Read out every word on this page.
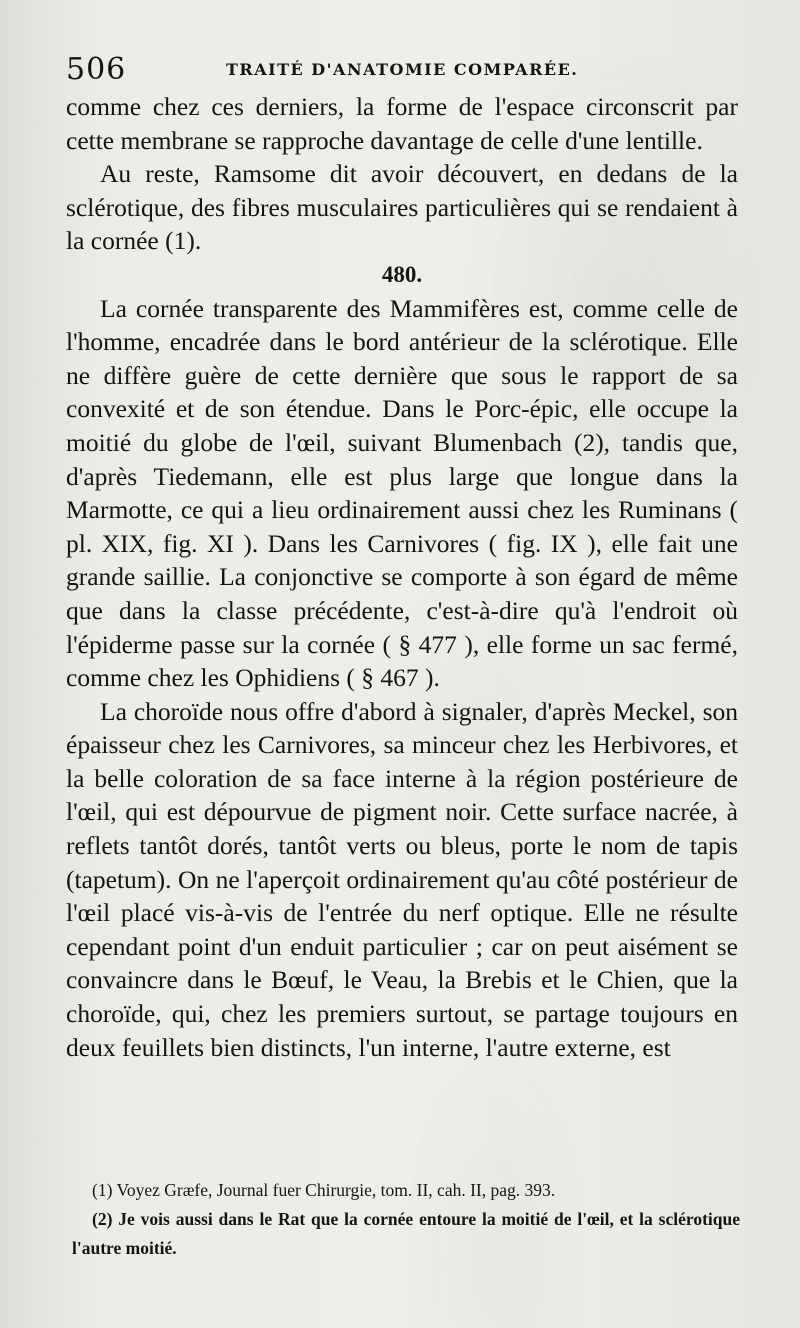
506	TRAITÉ D'ANATOMIE COMPARÉE.

comme chez ces derniers, la forme de l'espace circonscrit par cette membrane se rapproche davantage de celle d'une lentille.

Au reste, Ramsome dit avoir découvert, en dedans de la sclérotique, des fibres musculaires particulières qui se rendaient à la cornée (1).

480.

La cornée transparente des Mammifères est, comme celle de l'homme, encadrée dans le bord antérieur de la sclérotique. Elle ne diffère guère de cette dernière que sous le rapport de sa convexité et de son étendue. Dans le Porc-épic, elle occupe la moitié du globe de l'œil, suivant Blumenbach (2), tandis que, d'après Tiedemann, elle est plus large que longue dans la Marmotte, ce qui a lieu ordinairement aussi chez les Ruminans ( pl. XIX, fig. XI ). Dans les Carnivores ( fig. IX ), elle fait une grande saillie. La conjonctive se comporte à son égard de même que dans la classe précédente, c'est-à-dire qu'à l'endroit où l'épiderme passe sur la cornée ( § 477 ), elle forme un sac fermé, comme chez les Ophidiens ( § 467 ).

La choroïde nous offre d'abord à signaler, d'après Meckel, son épaisseur chez les Carnivores, sa minceur chez les Herbivores, et la belle coloration de sa face interne à la région postérieure de l'œil, qui est dépourvue de pigment noir. Cette surface nacrée, à reflets tantôt dorés, tantôt verts ou bleus, porte le nom de tapis (tapetum). On ne l'aperçoit ordinairement qu'au côté postérieur de l'œil placé vis-à-vis de l'entrée du nerf optique. Elle ne résulte cependant point d'un enduit particulier ; car on peut aisément se convaincre dans le Bœuf, le Veau, la Brebis et le Chien, que la choroïde, qui, chez les premiers surtout, se partage toujours en deux feuillets bien distincts, l'un interne, l'autre externe, est

(1) Voyez Græfe, Journal fuer Chirurgie, tom. II, cah. II, pag. 393.

(2) Je vois aussi dans le Rat que la cornée entoure la moitié de l'œil, et la sclérotique l'autre moitié.
